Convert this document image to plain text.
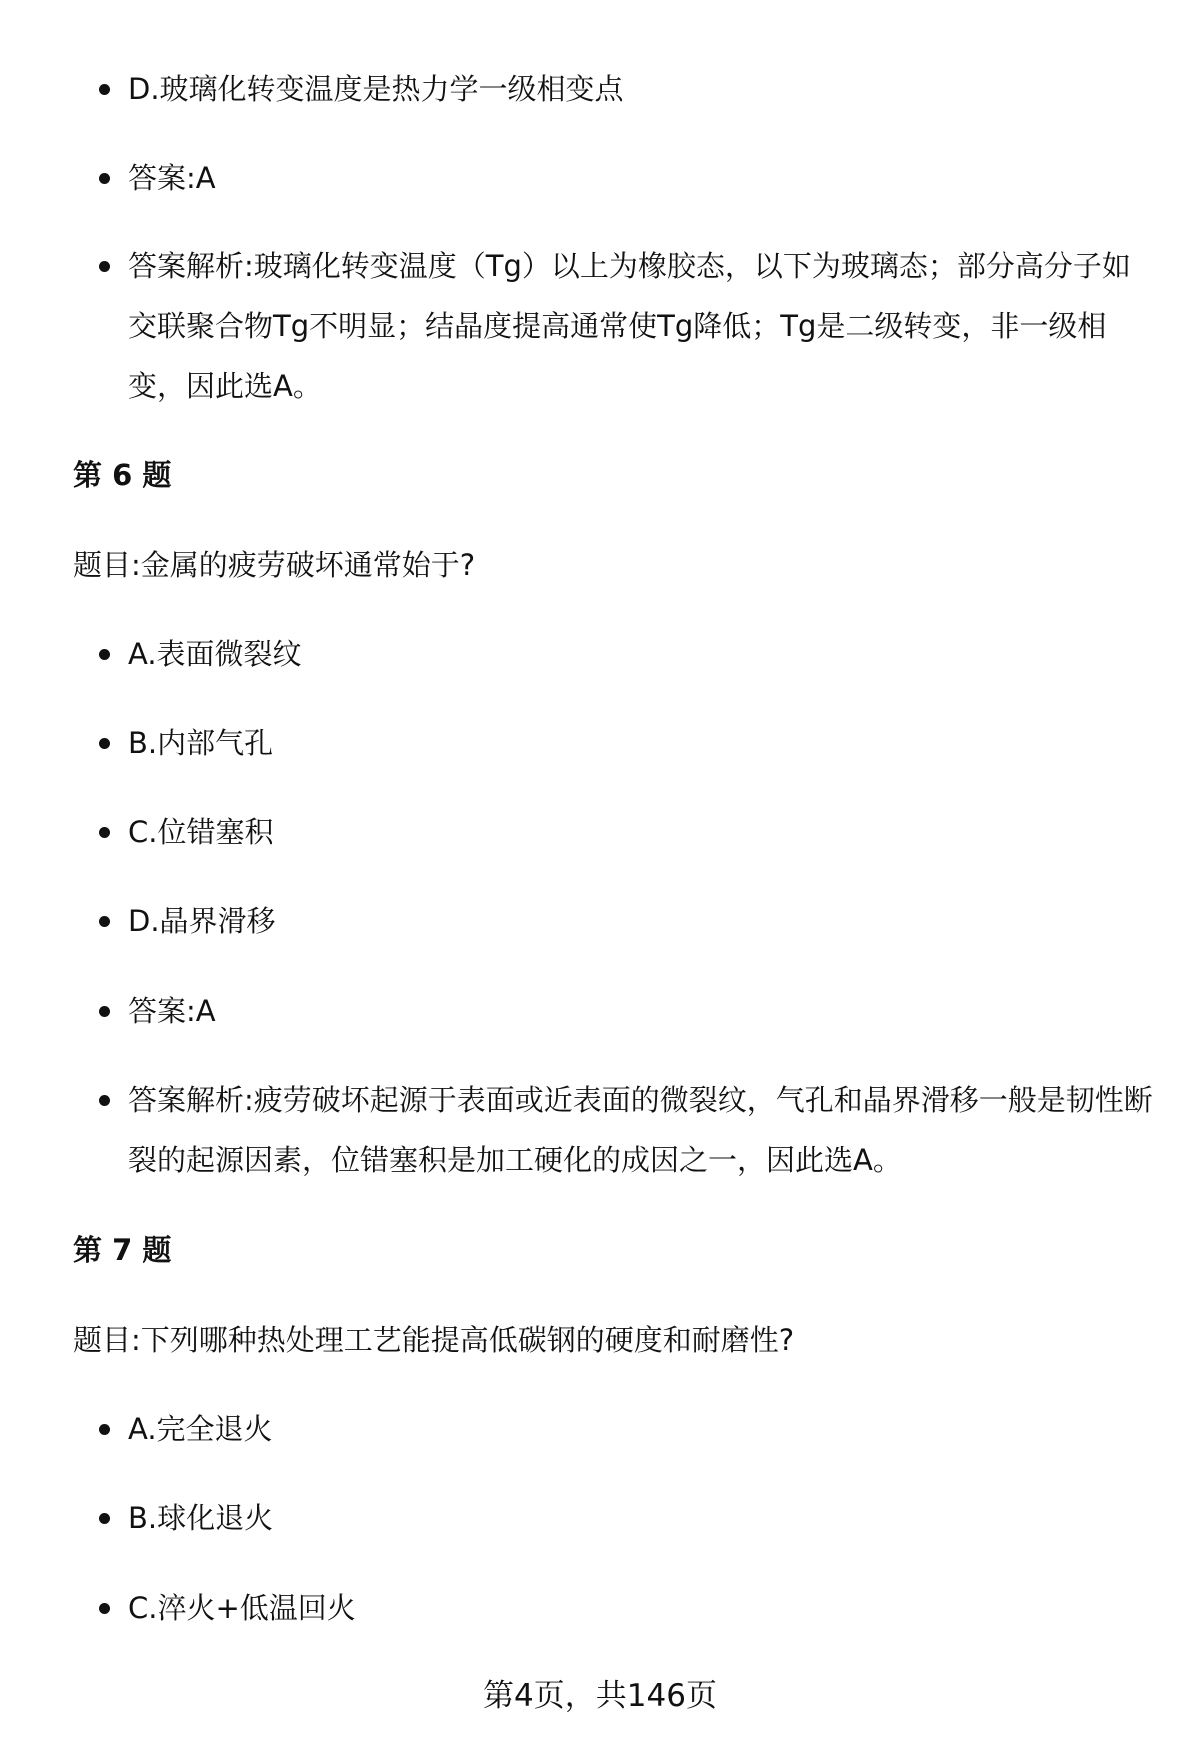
D.玻璃化转变温度是热力学一级相变点
答案:A
答案解析:玻璃化转变温度（Tg）以上为橡胶态，以下为玻璃态；部分高分子如交联聚合物Tg不明显；结晶度提高通常使Tg降低；Tg是二级转变，非一级相变，因此选A。
第 6 题
题目:金属的疲劳破坏通常始于?
A.表面微裂纹
B.内部气孔
C.位错塞积
D.晶界滑移
答案:A
答案解析:疲劳破坏起源于表面或近表面的微裂纹，气孔和晶界滑移一般是韧性断裂的起源因素，位错塞积是加工硬化的成因之一，因此选A。
第 7 题
题目:下列哪种热处理工艺能提高低碳钢的硬度和耐磨性?
A.完全退火
B.球化退火
C.淬火+低温回火
第4页，共146页
